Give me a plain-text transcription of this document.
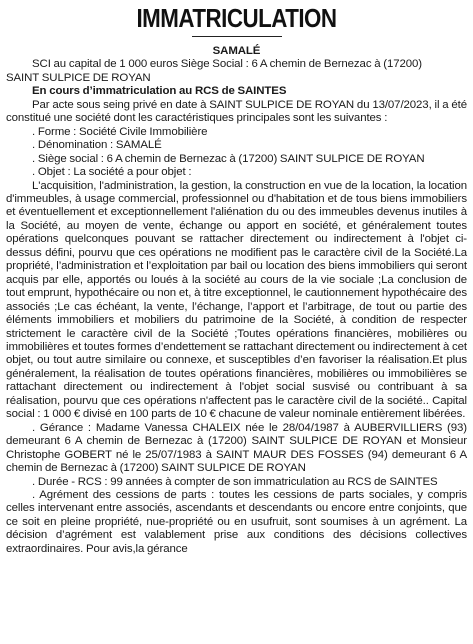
IMMATRICULATION

SAMALÉ

SCI au capital de 1 000 euros Siège Social : 6 A chemin de Bernezac à (17200)

SAINT SULPICE DE ROYAN

En cours d’immatriculation au RCS de SAINTES

Par acte sous seing privé en date à SAINT SULPICE DE ROYAN du 13/07/2023, il a été constitué une société dont les caractéristiques principales sont les suivantes :

. Forme : Société Civile Immobilière

. Dénomination : SAMALÉ

. Siège social : 6 A chemin de Bernezac à (17200) SAINT SULPICE DE ROYAN

. Objet : La société a pour objet :

L'acquisition, l'administration, la gestion, la construction en vue de la location, la location d'immeubles, à usage commercial, professionnel ou d'habitation et de tous biens immobiliers et éventuellement et exceptionnellement l'aliénation du ou des immeubles devenus inutiles à la Société, au moyen de vente, échange ou apport en société, et généralement toutes opérations quelconques pouvant se rattacher directement ou indirectement à l'objet ci-dessus défini, pourvu que ces opérations ne modifient pas le caractère civil de la Société.La propriété, l’administration et l’exploitation par bail ou location des biens immobiliers qui seront acquis par elle, apportés ou loués à la société au cours de la vie sociale ;La conclusion de tout emprunt, hypothécaire ou non et, à titre exceptionnel, le cautionnement hypothécaire des associés ;Le cas échéant, la vente, l’échange, l’apport et l’arbitrage, de tout ou partie des éléments immobiliers et mobiliers du patrimoine de la Société, à condition de respecter strictement le caractère civil de la Société ;Toutes opérations financières, mobilières ou immobilières et toutes formes d’endettement se rattachant directement ou indirectement à cet objet, ou tout autre similaire ou connexe, et susceptibles d’en favoriser la réalisation.Et plus généralement, la réalisation de toutes opérations financières, mobilières ou immobilières se rattachant directement ou indirectement à l'objet social susvisé ou contribuant à sa réalisation, pourvu que ces opérations n'affectent pas le caractère civil de la société.. Capital social : 1 000 € divisé en 100 parts de 10 € chacune de valeur nominale entièrement libérées.

. Gérance : Madame Vanessa CHALEIX née le 28/04/1987 à AUBERVILLIERS (93) demeurant 6 A chemin de Bernezac à (17200) SAINT SULPICE DE ROYAN et Monsieur Christophe GOBERT né le 25/07/1983 à SAINT MAUR DES FOSSES (94) demeurant 6 A chemin de Bernezac à (17200) SAINT SULPICE DE ROYAN

. Durée - RCS : 99 années à compter de son immatriculation au RCS de SAINTES

. Agrément des cessions de parts : toutes les cessions de parts sociales, y compris celles intervenant entre associés, ascendants et descendants ou encore entre conjoints, que ce soit en pleine propriété, nue-propriété ou en usufruit, sont soumises à un agrément. La décision d’agrément est valablement prise aux conditions des décisions collectives extraordinaires. Pour avis,la gérance
